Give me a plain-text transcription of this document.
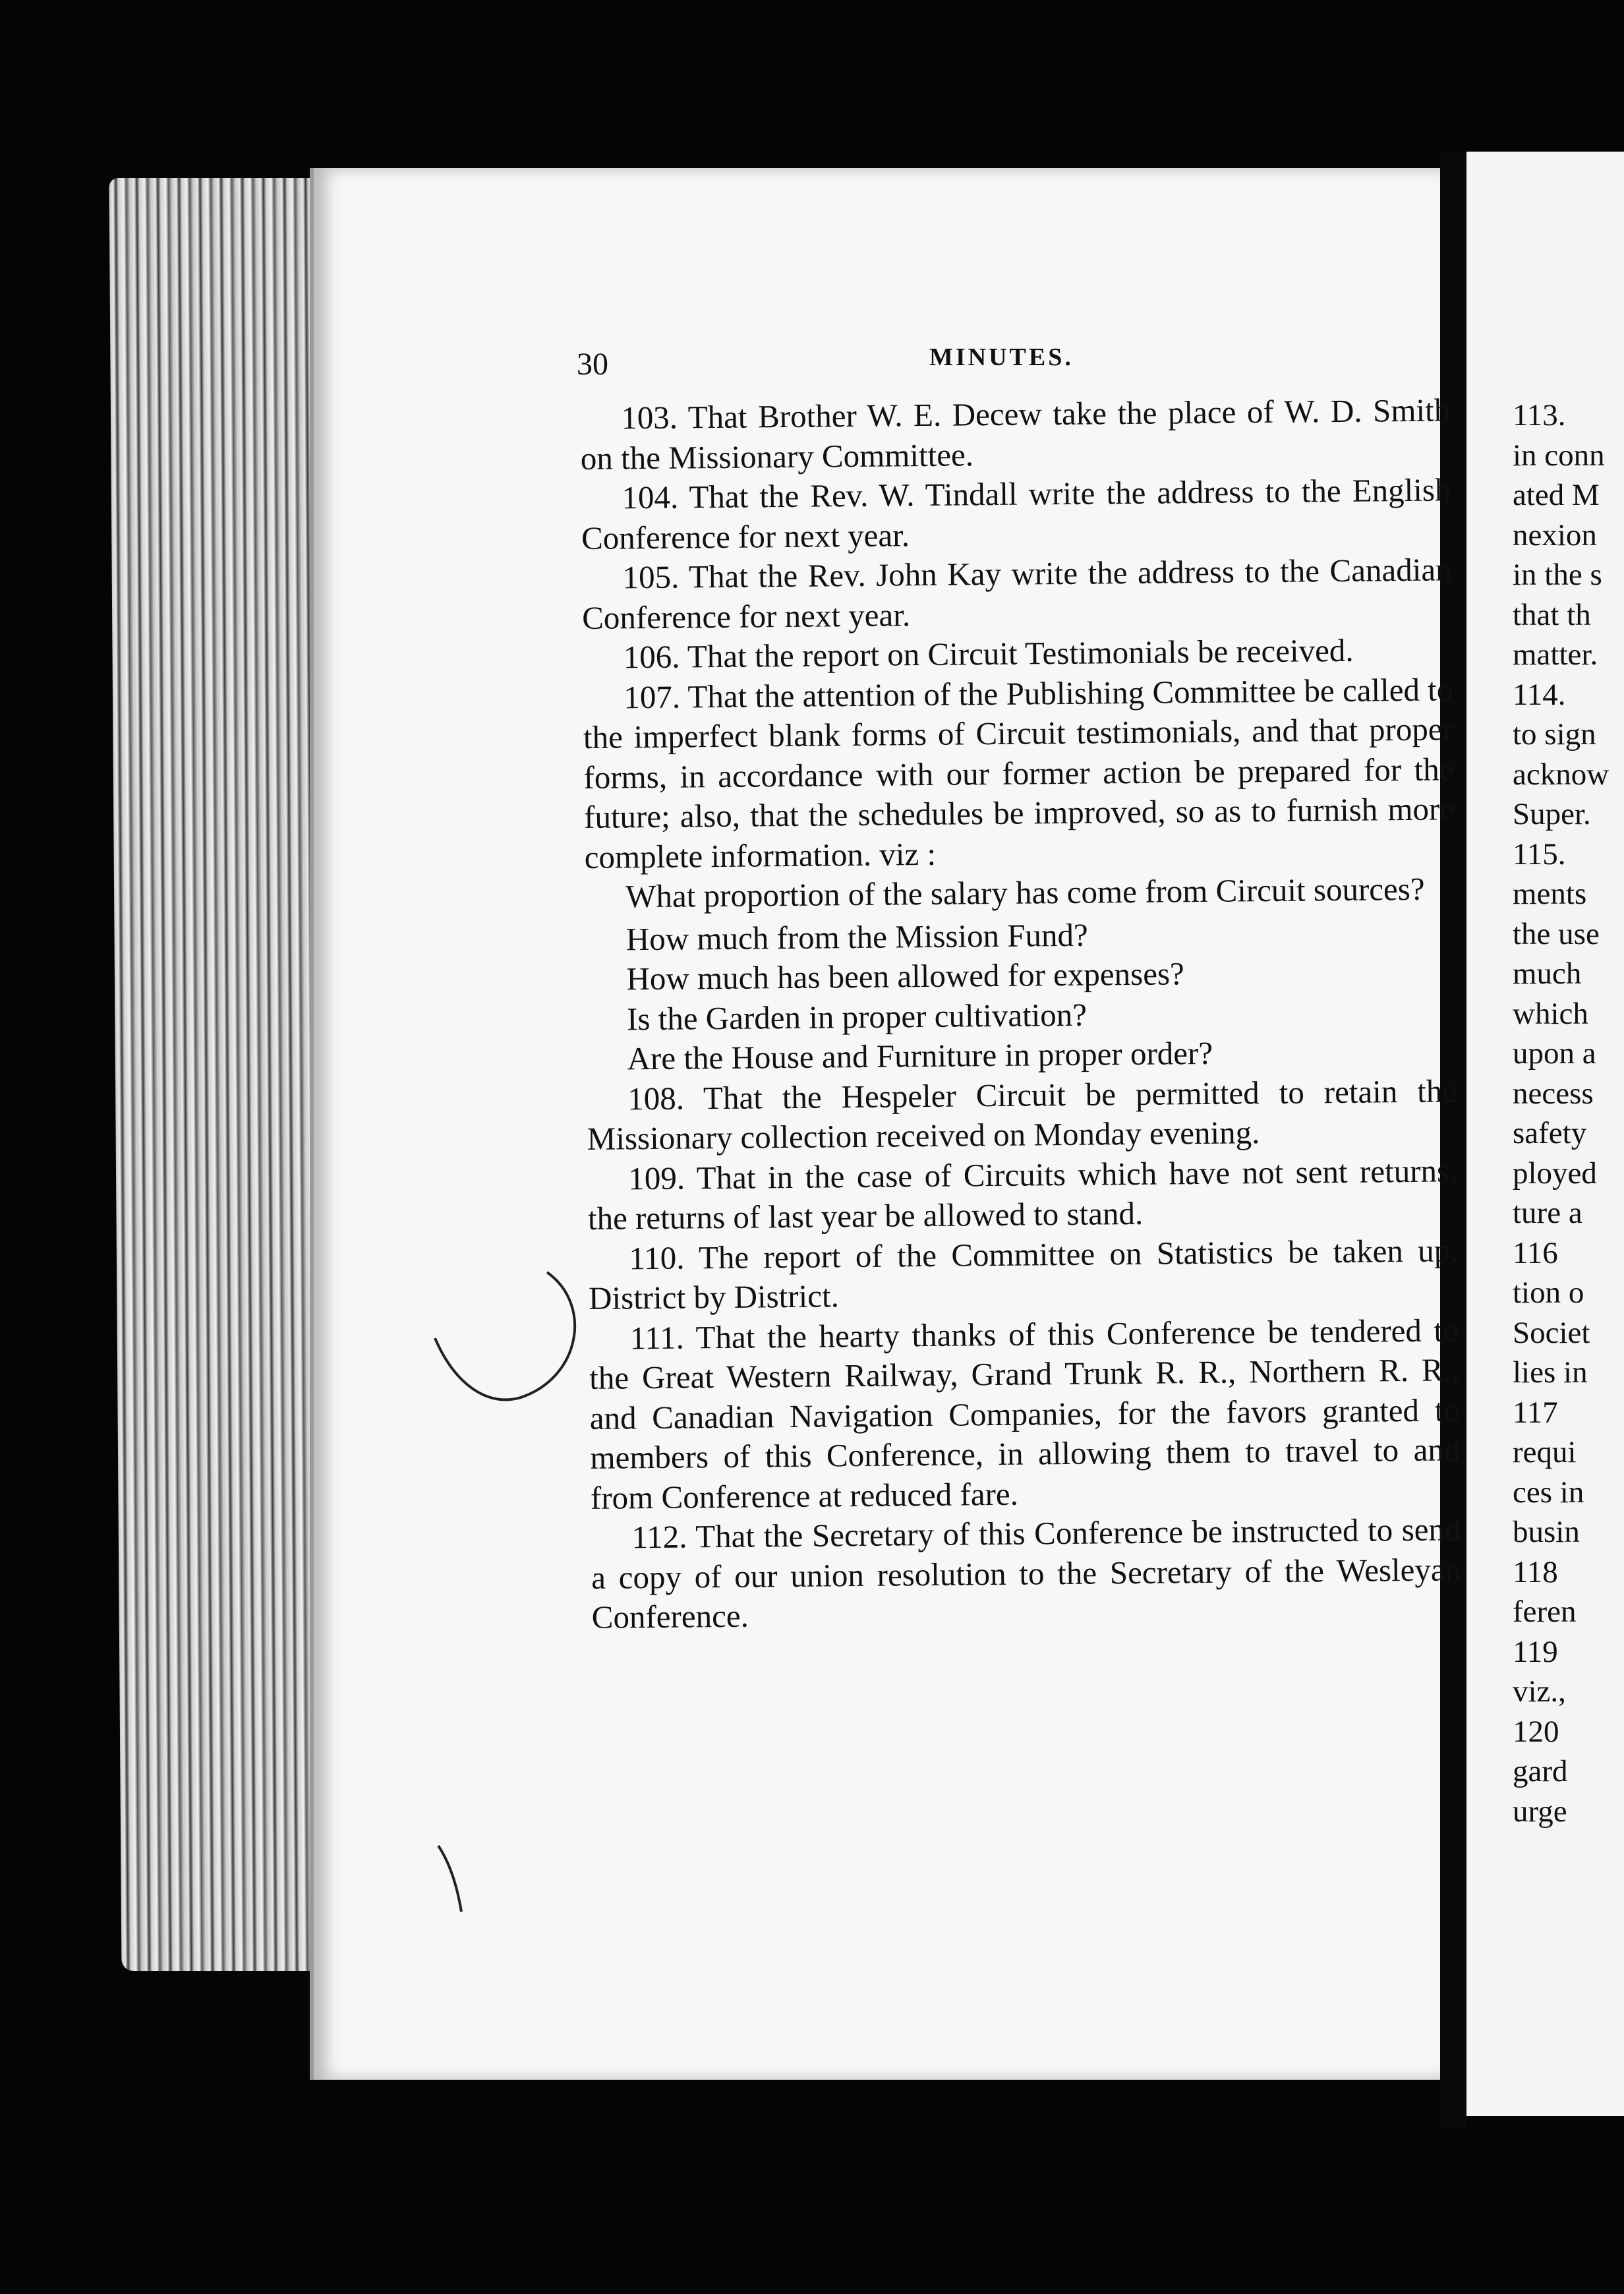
30	MINUTES.

103. That Brother W. E. Decew take the place of W. D. Smith on the Missionary Committee.

104. That the Rev. W. Tindall write the address to the English Conference for next year.

105. That the Rev. John Kay write the address to the Canadian Conference for next year.

106. That the report on Circuit Testimonials be received.

107. That the attention of the Publishing Committee be called to the imperfect blank forms of Circuit testimonials, and that proper forms, in accordance with our former action be prepared for the future; also, that the schedules be improved, so as to furnish more complete information. viz :

What proportion of the salary has come from Circuit sources?

How much from the Mission Fund?
How much has been allowed for expenses?
Is the Garden in proper cultivation?
Are the House and Furniture in proper order?

108. That the Hespeler Circuit be permitted to retain the Missionary collection received on Monday evening.

109. That in the case of Circuits which have not sent returns, the returns of last year be allowed to stand.

110. The report of the Committee on Statistics be taken up, District by District.

111. That the hearty thanks of this Conference be tendered to the Great Western Railway, Grand Trunk R. R., Northern R. R., and Canadian Navigation Companies, for the favors granted to members of this Conference, in allowing them to travel to and from Conference at reduced fare.

112. That the Secretary of this Conference be instructed to send a copy of our union resolution to the Secretary of the Wesleyan Conference.

113.
in conn
ated M
nexion
in the s
that th
matter.
114.
to sign
acknow
Super.
115.
ments
the use
much
which
upon a
necess
safety
ployed
ture a
116
tion o
Societ
lies in
117
requi
ces in
busin
118
feren
119
viz.,
120
gard
urge
